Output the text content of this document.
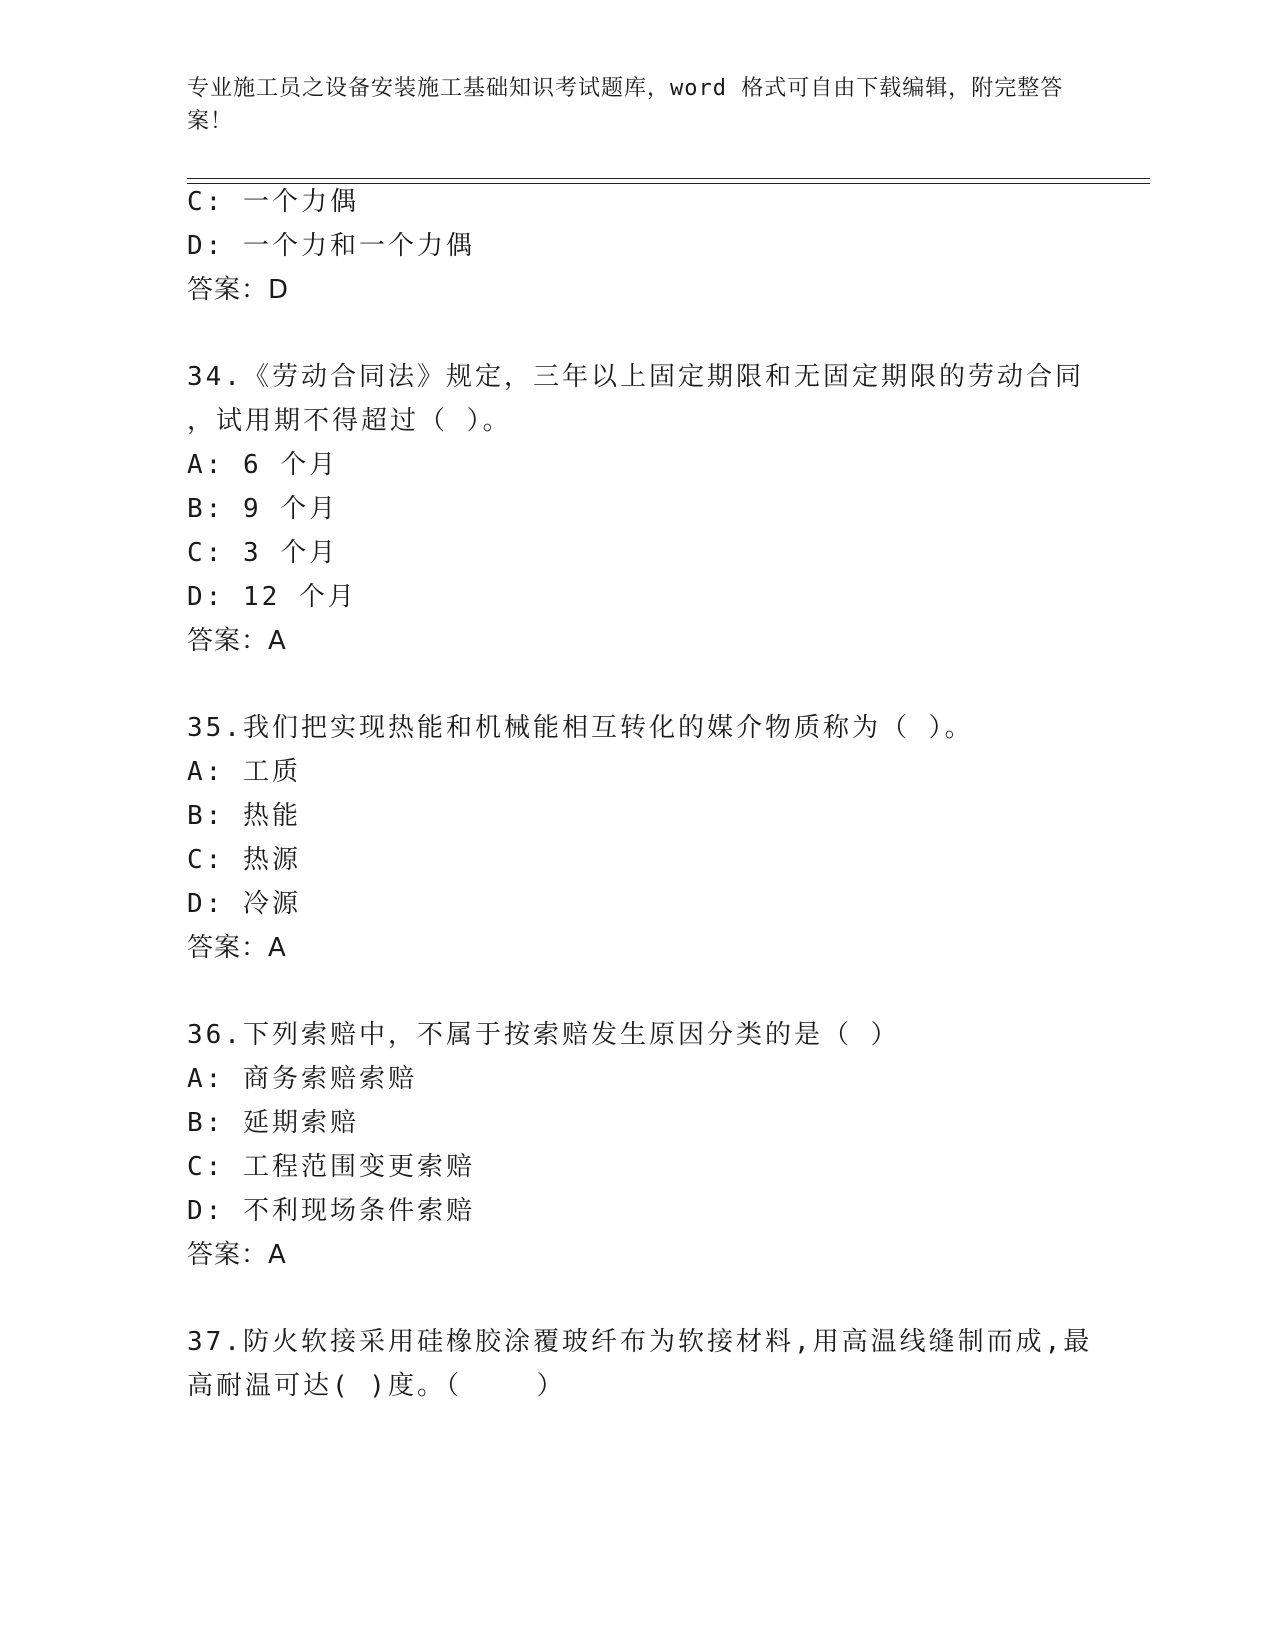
专业施工员之设备安装施工基础知识考试题库，word 格式可自由下载编辑，附完整答案！
C: 一个力偶
D: 一个力和一个力偶
答案：D
34.《劳动合同法》规定，三年以上固定期限和无固定期限的劳动合同
，试用期不得超过（ ）。
A: 6 个月
B: 9 个月
C: 3 个月
D: 12 个月
答案：A
35.我们把实现热能和机械能相互转化的媒介物质称为（ ）。
A: 工质
B: 热能
C: 热源
D: 冷源
答案：A
36.下列索赔中，不属于按索赔发生原因分类的是（ ）
A: 商务索赔索赔
B: 延期索赔
C: 工程范围变更索赔
D: 不利现场条件索赔
答案：A
37.防火软接采用硅橡胶涂覆玻纤布为软接材料,用高温线缝制而成,最
高耐温可达( )度。（    ）
